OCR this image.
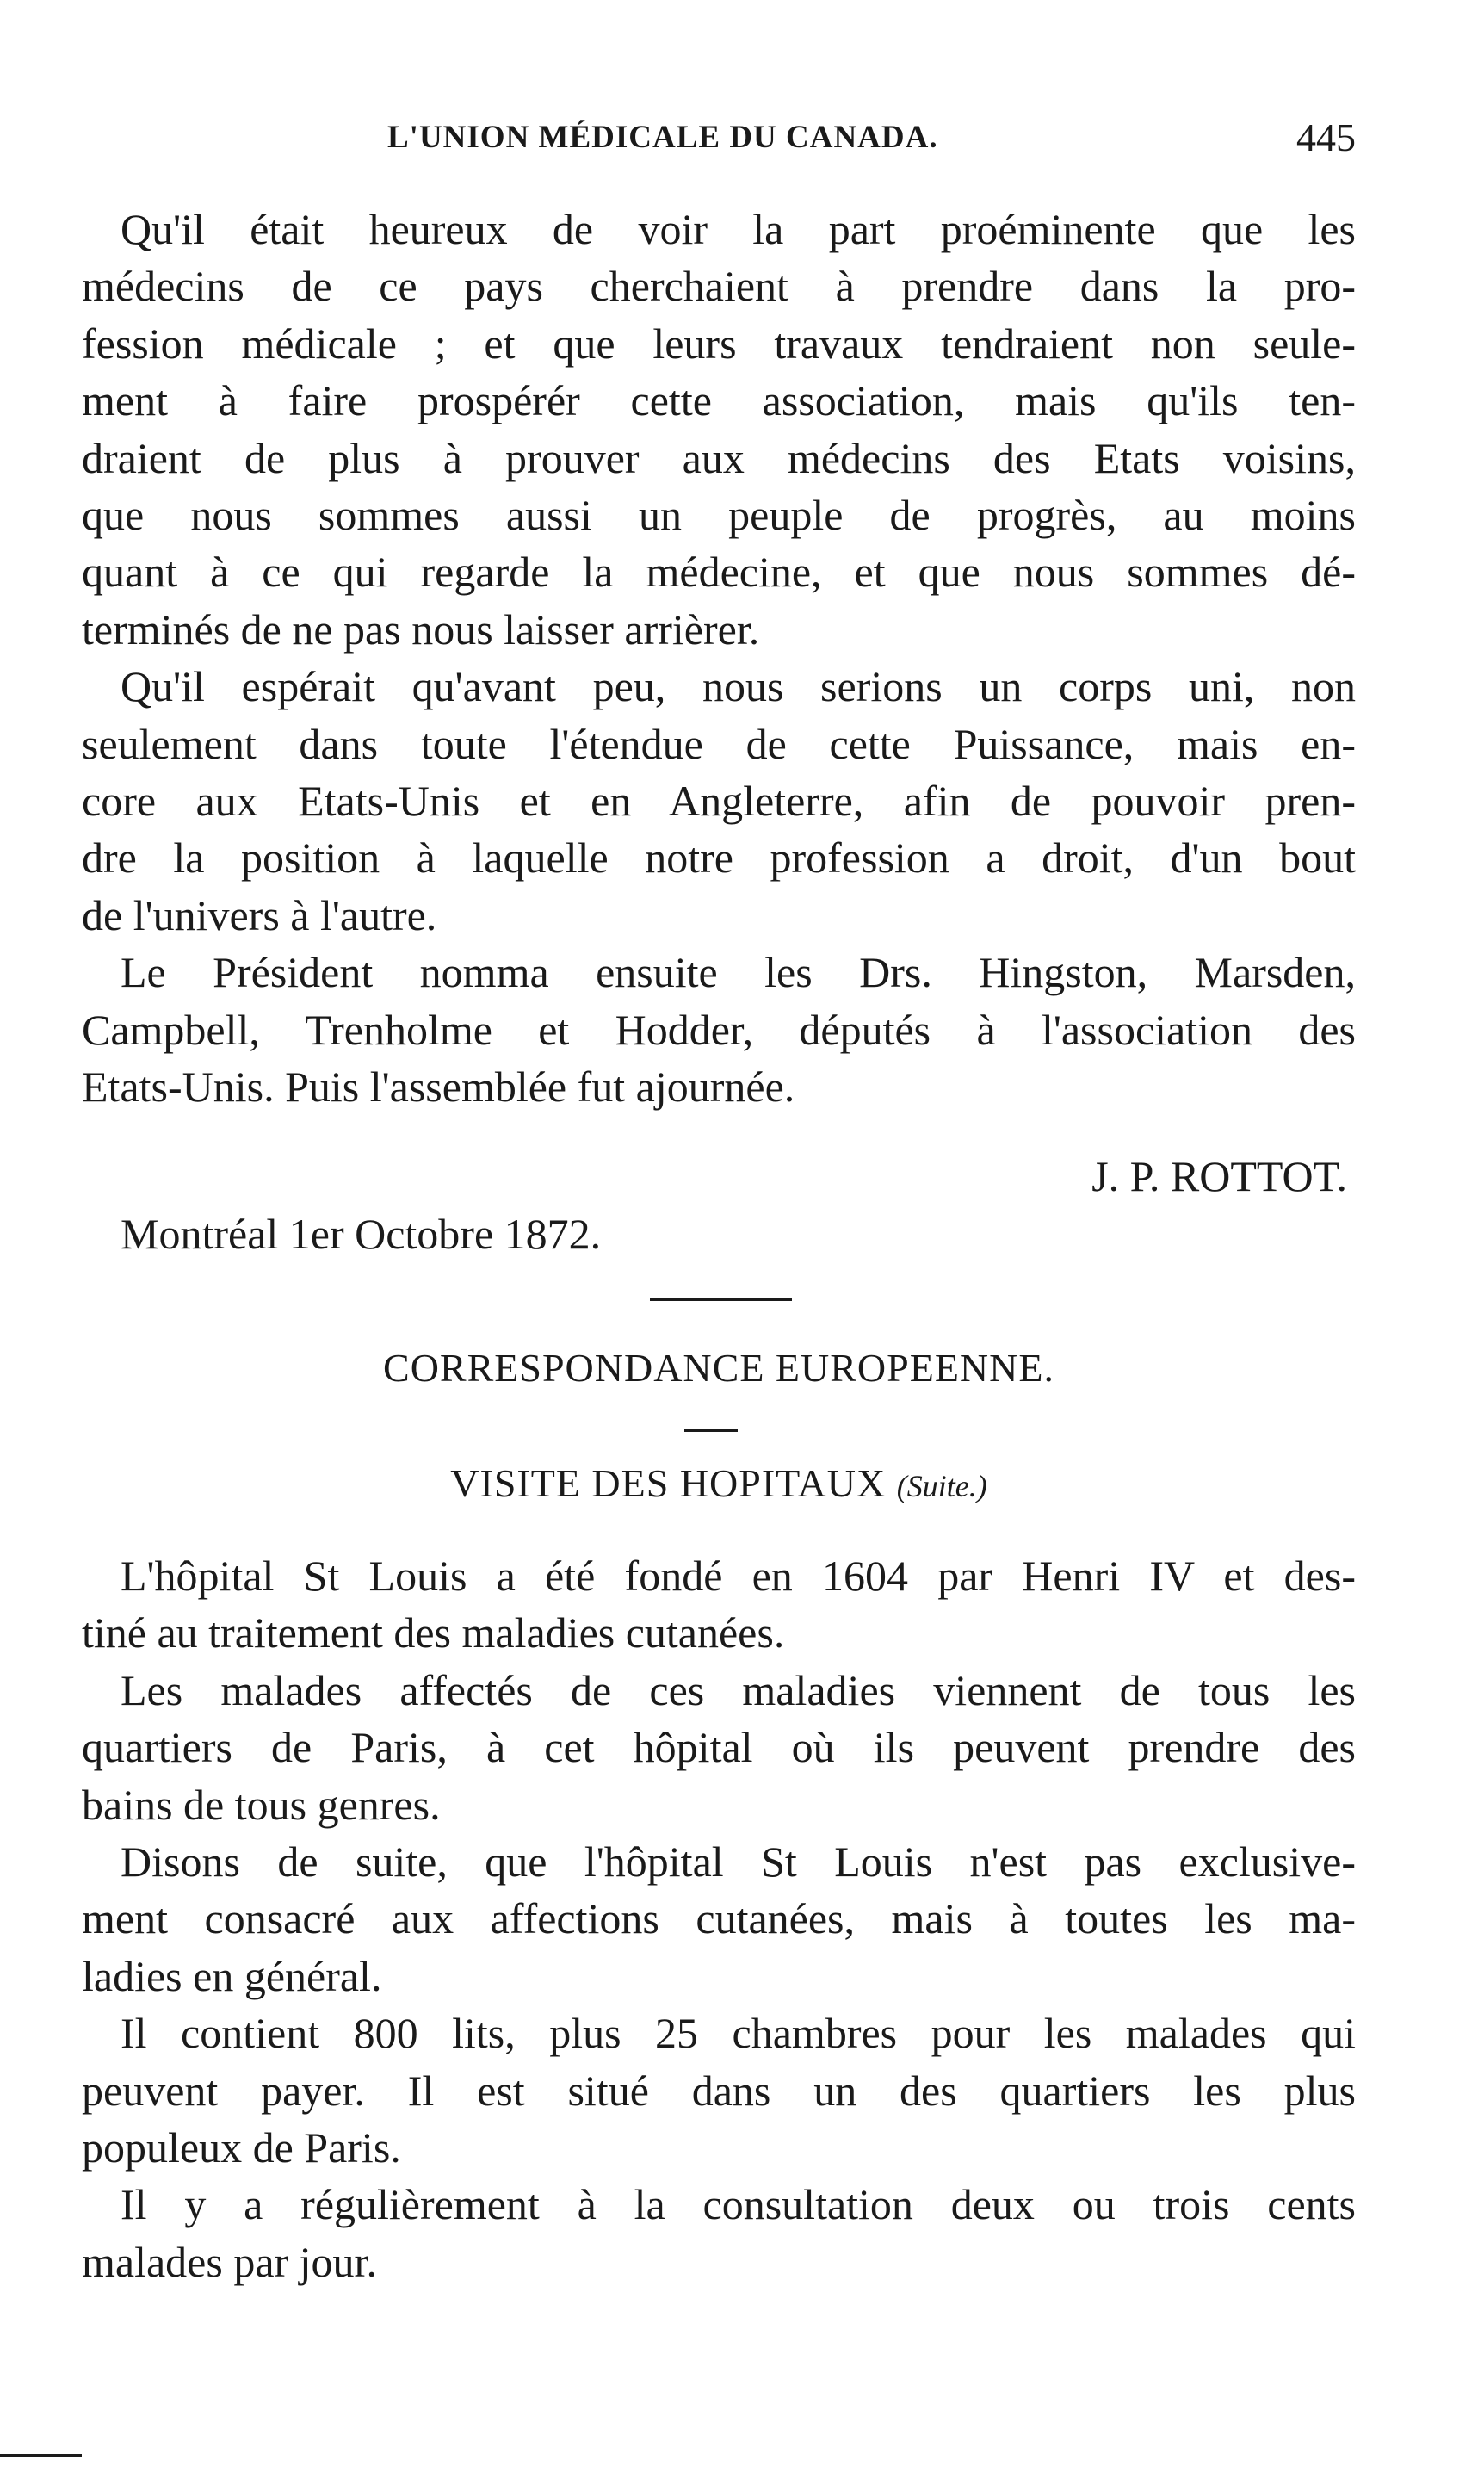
L'UNION MÉDICALE DU CANADA.	445

Qu'il était heureux de voir la part proéminente que les
médecins de ce pays cherchaient à prendre dans la pro-
fession médicale ; et que leurs travaux tendraient non seule-
ment à faire prospérér cette association, mais qu'ils ten-
draient de plus à prouver aux médecins des Etats voisins,
que nous sommes aussi un peuple de progrès, au moins
quant à ce qui regarde la médecine, et que nous sommes dé-
terminés de ne pas nous laisser arrièrer.

Qu'il espérait qu'avant peu, nous serions un corps uni, non
seulement dans toute l'étendue de cette Puissance, mais en-
core aux Etats-Unis et en Angleterre, afin de pouvoir pren-
dre la position à laquelle notre profession a droit, d'un bout
de l'univers à l'autre.

Le Président nomma ensuite les Drs. Hingston, Marsden,
Campbell, Trenholme et Hodder, députés à l'association des
Etats-Unis. Puis l'assemblée fut ajournée.

J. P. ROTTOT.
Montréal 1er Octobre 1872.
CORRESPONDANCE EUROPEENNE.
VISITE DES HOPITAUX (Suite.)

L'hôpital St Louis a été fondé en 1604 par Henri IV et des-
tiné au traitement des maladies cutanées.

Les malades affectés de ces maladies viennent de tous les
quartiers de Paris, à cet hôpital où ils peuvent prendre des
bains de tous genres.

Disons de suite, que l'hôpital St Louis n'est pas exclusive-
ment consacré aux affections cutanées, mais à toutes les ma-
ladies en général.

Il contient 800 lits, plus 25 chambres pour les malades qui
peuvent payer. Il est situé dans un des quartiers les plus
populeux de Paris.

Il y a régulièrement à la consultation deux ou trois cents
malades par jour.
